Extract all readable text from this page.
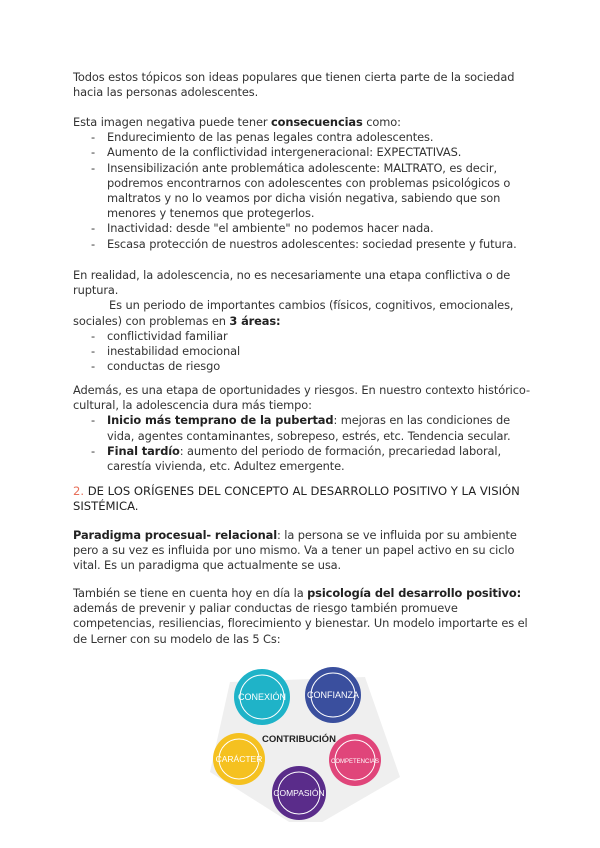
Todos estos tópicos son ideas populares que tienen cierta parte de la sociedad hacia las personas adolescentes.

Esta imagen negativa puede tener consecuencias como:

- Endurecimiento de las penas legales contra adolescentes.
- Aumento de la conflictividad intergeneracional: EXPECTATIVAS.
- Insensibilización ante problemática adolescente: MALTRATO, es decir, podremos encontrarnos con adolescentes con problemas psicológicos o maltratos y no lo veamos por dicha visión negativa, sabiendo que son menores y tenemos que protegerlos.
- Inactividad: desde "el ambiente" no podemos hacer nada.
- Escasa protección de nuestros adolescentes: sociedad presente y futura.

En realidad, la adolescencia, no es necesariamente una etapa conflictiva o de ruptura.

Es un periodo de importantes cambios (físicos, cognitivos, emocionales, sociales) con problemas en 3 áreas:

- conflictividad familiar
- inestabilidad emocional
- conductas de riesgo

Además, es una etapa de oportunidades y riesgos. En nuestro contexto histórico-cultural, la adolescencia dura más tiempo:

- Inicio más temprano de la pubertad: mejoras en las condiciones de vida, agentes contaminantes, sobrepeso, estrés, etc. Tendencia secular.
- Final tardío: aumento del periodo de formación, precariedad laboral, carestía vivienda, etc. Adultez emergente.
2. DE LOS ORÍGENES DEL CONCEPTO AL DESARROLLO POSITIVO Y LA VISIÓN SISTÉMICA.

Paradigma procesual- relacional: la persona se ve influida por su ambiente pero a su vez es influida por uno mismo. Va a tener un papel activo en su ciclo vital. Es un paradigma que actualmente se usa.

También se tiene en cuenta hoy en día la psicología del desarrollo positivo: además de prevenir y paliar conductas de riesgo también promueve competencias, resiliencias, florecimiento y bienestar. Un modelo importarte es el de Lerner con su modelo de las 5 Cs:

CONEXIÓN CONFIANZA
CARÁCTER	COMPETENCIAS
COMPASIÓN
CONTRIBUCIÓN
